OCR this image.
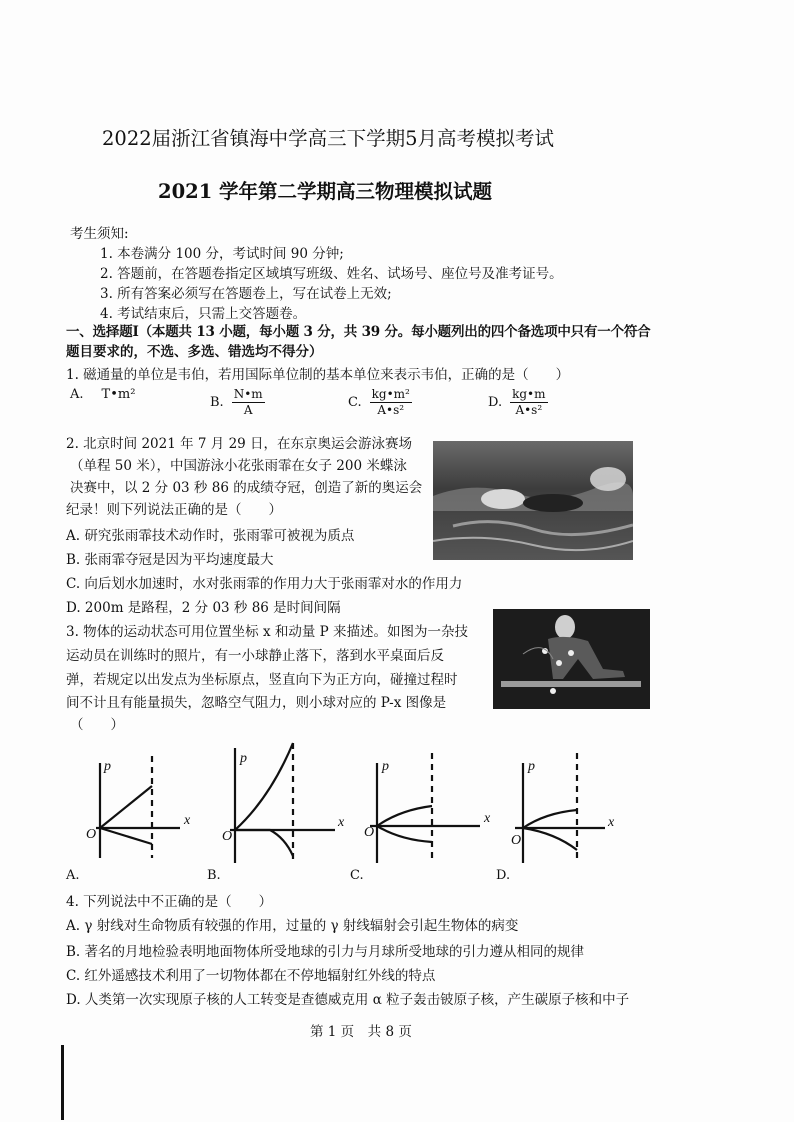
2022届浙江省镇海中学高三下学期5月高考模拟考试
2021 学年第二学期高三物理模拟试题
考生须知:
1. 本卷满分 100 分，考试时间 90 分钟;
2. 答题前，在答题卷指定区域填写班级、姓名、试场号、座位号及准考证号。
3. 所有答案必须写在答题卷上，写在试卷上无效;
4. 考试结束后，只需上交答题卷。
一、选择题I（本题共 13 小题，每小题 3 分，共 39 分。每小题列出的四个备选项中只有一个符合
题目要求的，不选、多选、错选均不得分）
1. 磁通量的单位是韦伯，若用国际单位制的基本单位来表示韦伯，正确的是（　　）
A. T•m²
B. $\frac{N•m}{A}$	C. $\frac{\text{kg•m²}}{\text{A•s²}}$	D. $\frac{kg•m}{\text{A•s²}}$
2. 北京时间 2021 年 7 月 29 日，在东京奥运会游泳赛场
（单程 50 米），中国游泳小花张雨霏在女子 200 米蝶泳
决赛中，以 2 分 03 秒 86 的成绩夺冠，创造了新的奥运会
纪录！则下列说法正确的是（　　）
A. 研究张雨霏技术动作时，张雨霏可被视为质点
B. 张雨霏夺冠是因为平均速度最大
C. 向后划水加速时，水对张雨霏的作用力大于张雨霏对水的作用力
D. 200m 是路程，2 分 03 秒 86 是时间间隔
3. 物体的运动状态可用位置坐标 x 和动量 P 来描述。如图为一杂技
运动员在训练时的照片，有一小球静止落下，落到水平桌面后反
弹，若规定以出发点为坐标原点，竖直向下为正方向，碰撞过程时
间不计且有能量损失，忽略空气阻力，则小球对应的 P-x 图像是
（　　）
p
x
O
p
x
O
p
x
O
p
x
O
A.	B.	C.	D.
4. 下列说法中不正确的是（　　）
A. γ 射线对生命物质有较强的作用，过量的 γ 射线辐射会引起生物体的病变
B. 著名的月地检验表明地面物体所受地球的引力与月球所受地球的引力遵从相同的规律
C. 红外遥感技术利用了一切物体都在不停地辐射红外线的特点
D. 人类第一次实现原子核的人工转变是查德威克用 α 粒子轰击铍原子核，产生碳原子核和中子
第 1 页　共 8 页
